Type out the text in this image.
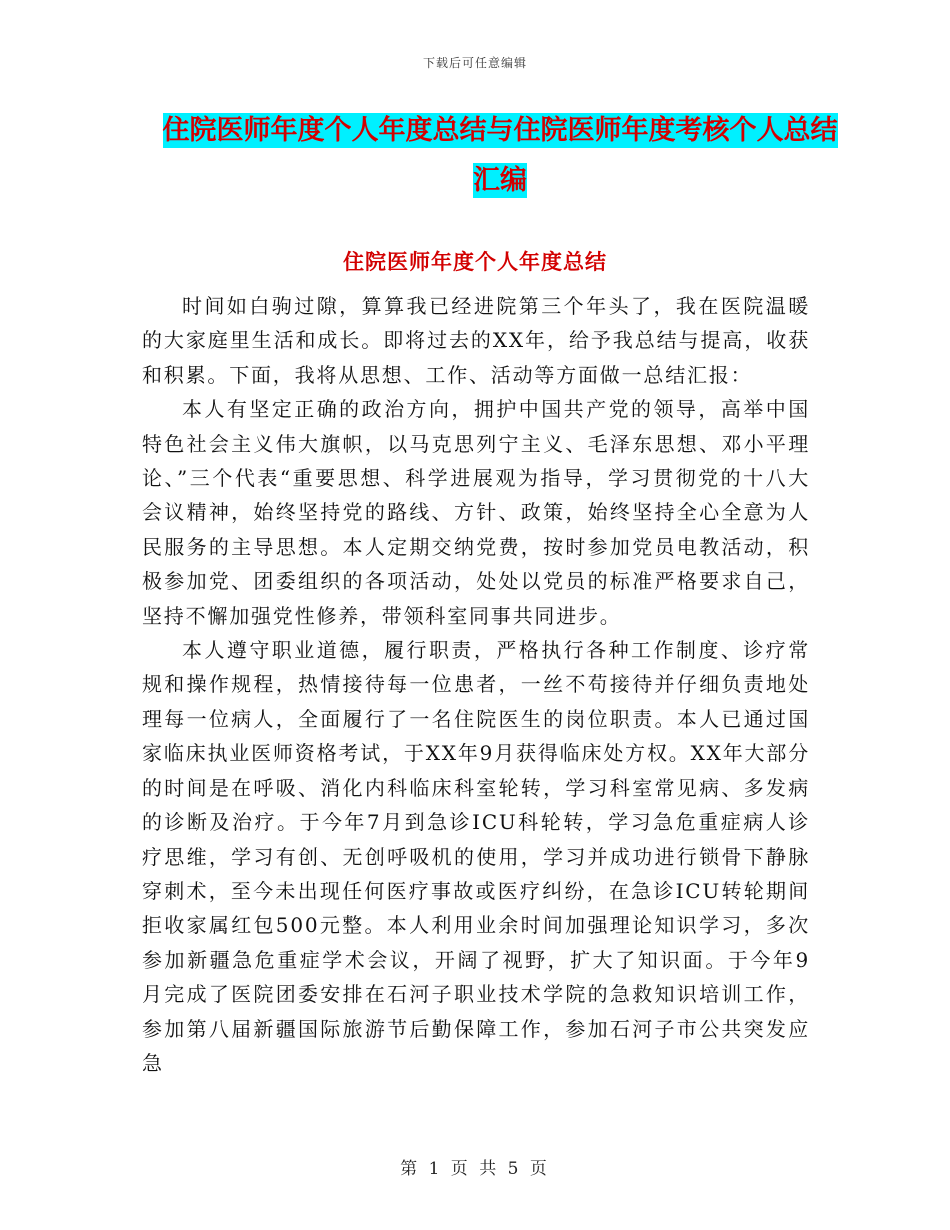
下载后可任意编辑
住院医师年度个人年度总结与住院医师年度考核个人总结汇编
住院医师年度个人年度总结

时间如白驹过隙，算算我已经进院第三个年头了，我在医院温暖的大家庭里生活和成长。即将过去的XX年，给予我总结与提高，收获和积累。下面，我将从思想、工作、活动等方面做一总结汇报：

本人有坚定正确的政治方向，拥护中国共产党的领导，高举中国特色社会主义伟大旗帜，以马克思列宁主义、毛泽东思想、邓小平理论、”三个代表“重要思想、科学进展观为指导，学习贯彻党的十八大会议精神，始终坚持党的路线、方针、政策，始终坚持全心全意为人民服务的主导思想。本人定期交纳党费，按时参加党员电教活动，积极参加党、团委组织的各项活动，处处以党员的标准严格要求自己，坚持不懈加强党性修养，带领科室同事共同进步。

本人遵守职业道德，履行职责，严格执行各种工作制度、诊疗常规和操作规程，热情接待每一位患者，一丝不苟接待并仔细负责地处理每一位病人，全面履行了一名住院医生的岗位职责。本人已通过国家临床执业医师资格考试，于XX年9月获得临床处方权。XX年大部分的时间是在呼吸、消化内科临床科室轮转，学习科室常见病、多发病的诊断及治疗。于今年7月到急诊ICU科轮转，学习急危重症病人诊疗思维，学习有创、无创呼吸机的使用，学习并成功进行锁骨下静脉穿刺术，至今未出现任何医疗事故或医疗纠纷，在急诊ICU转轮期间拒收家属红包500元整。本人利用业余时间加强理论知识学习，多次参加新疆急危重症学术会议，开阔了视野，扩大了知识面。于今年9月完成了医院团委安排在石河子职业技术学院的急救知识培训工作，参加第八届新疆国际旅游节后勤保障工作，参加石河子市公共突发应急

第 1 页 共 5 页
